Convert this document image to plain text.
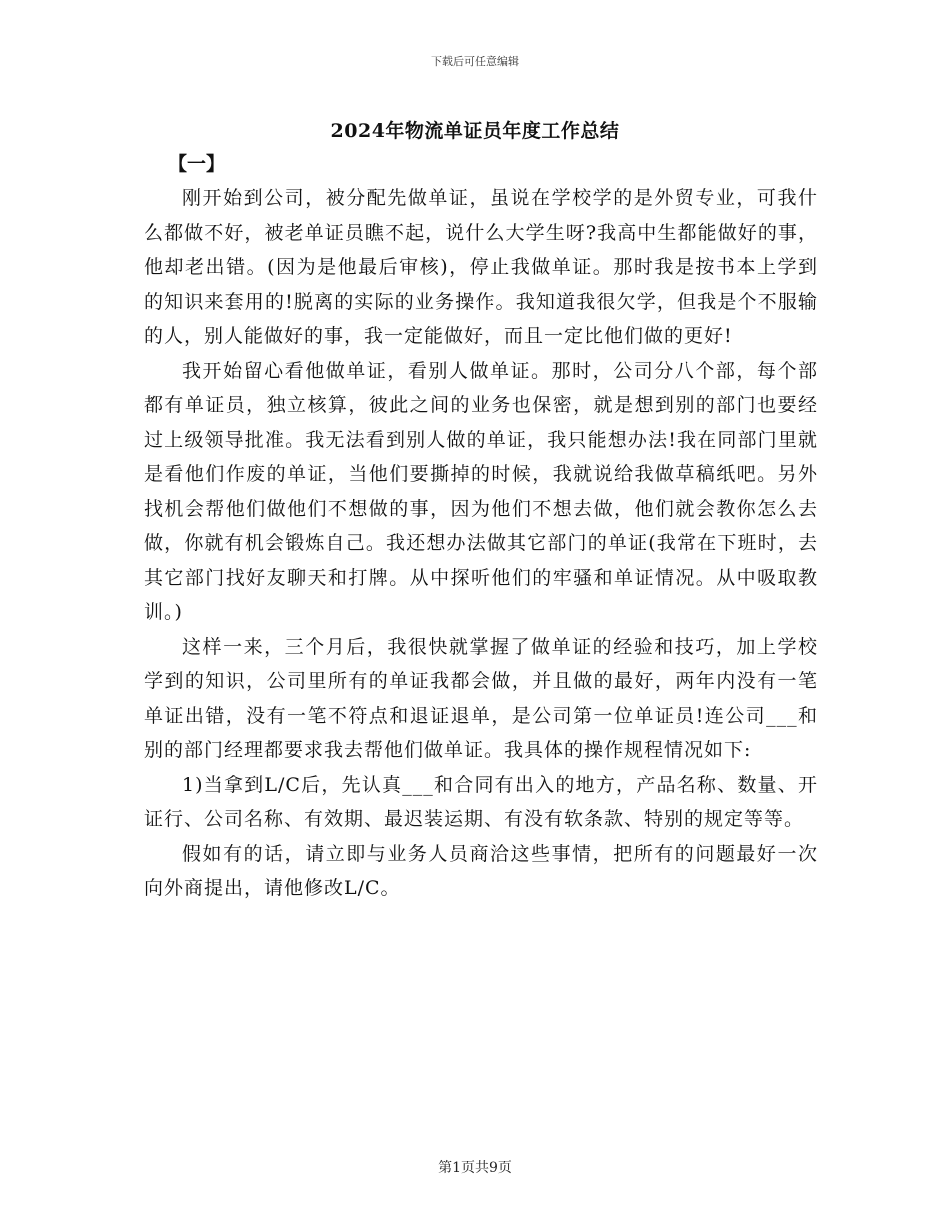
下载后可任意编辑
2024年物流单证员年度工作总结
【一】

刚开始到公司，被分配先做单证，虽说在学校学的是外贸专业，可我什么都做不好，被老单证员瞧不起，说什么大学生呀?我高中生都能做好的事，他却老出错。(因为是他最后审核)，停止我做单证。那时我是按书本上学到的知识来套用的!脱离的实际的业务操作。我知道我很欠学，但我是个不服输的人，别人能做好的事，我一定能做好，而且一定比他们做的更好!

我开始留心看他做单证，看别人做单证。那时，公司分八个部，每个部都有单证员，独立核算，彼此之间的业务也保密，就是想到别的部门也要经过上级领导批准。我无法看到别人做的单证，我只能想办法!我在同部门里就是看他们作废的单证，当他们要撕掉的时候，我就说给我做草稿纸吧。另外找机会帮他们做他们不想做的事，因为他们不想去做，他们就会教你怎么去做，你就有机会锻炼自己。我还想办法做其它部门的单证(我常在下班时，去其它部门找好友聊天和打牌。从中探听他们的牢骚和单证情况。从中吸取教训。)

这样一来，三个月后，我很快就掌握了做单证的经验和技巧，加上学校学到的知识，公司里所有的单证我都会做，并且做的最好，两年内没有一笔单证出错，没有一笔不符点和退证退单，是公司第一位单证员!连公司___和别的部门经理都要求我去帮他们做单证。我具体的操作规程情况如下:

1)当拿到L/C后，先认真___和合同有出入的地方，产品名称、数量、开证行、公司名称、有效期、最迟装运期、有没有软条款、特别的规定等等。

假如有的话，请立即与业务人员商洽这些事情，把所有的问题最好一次向外商提出，请他修改L/C。

第1页共9页
